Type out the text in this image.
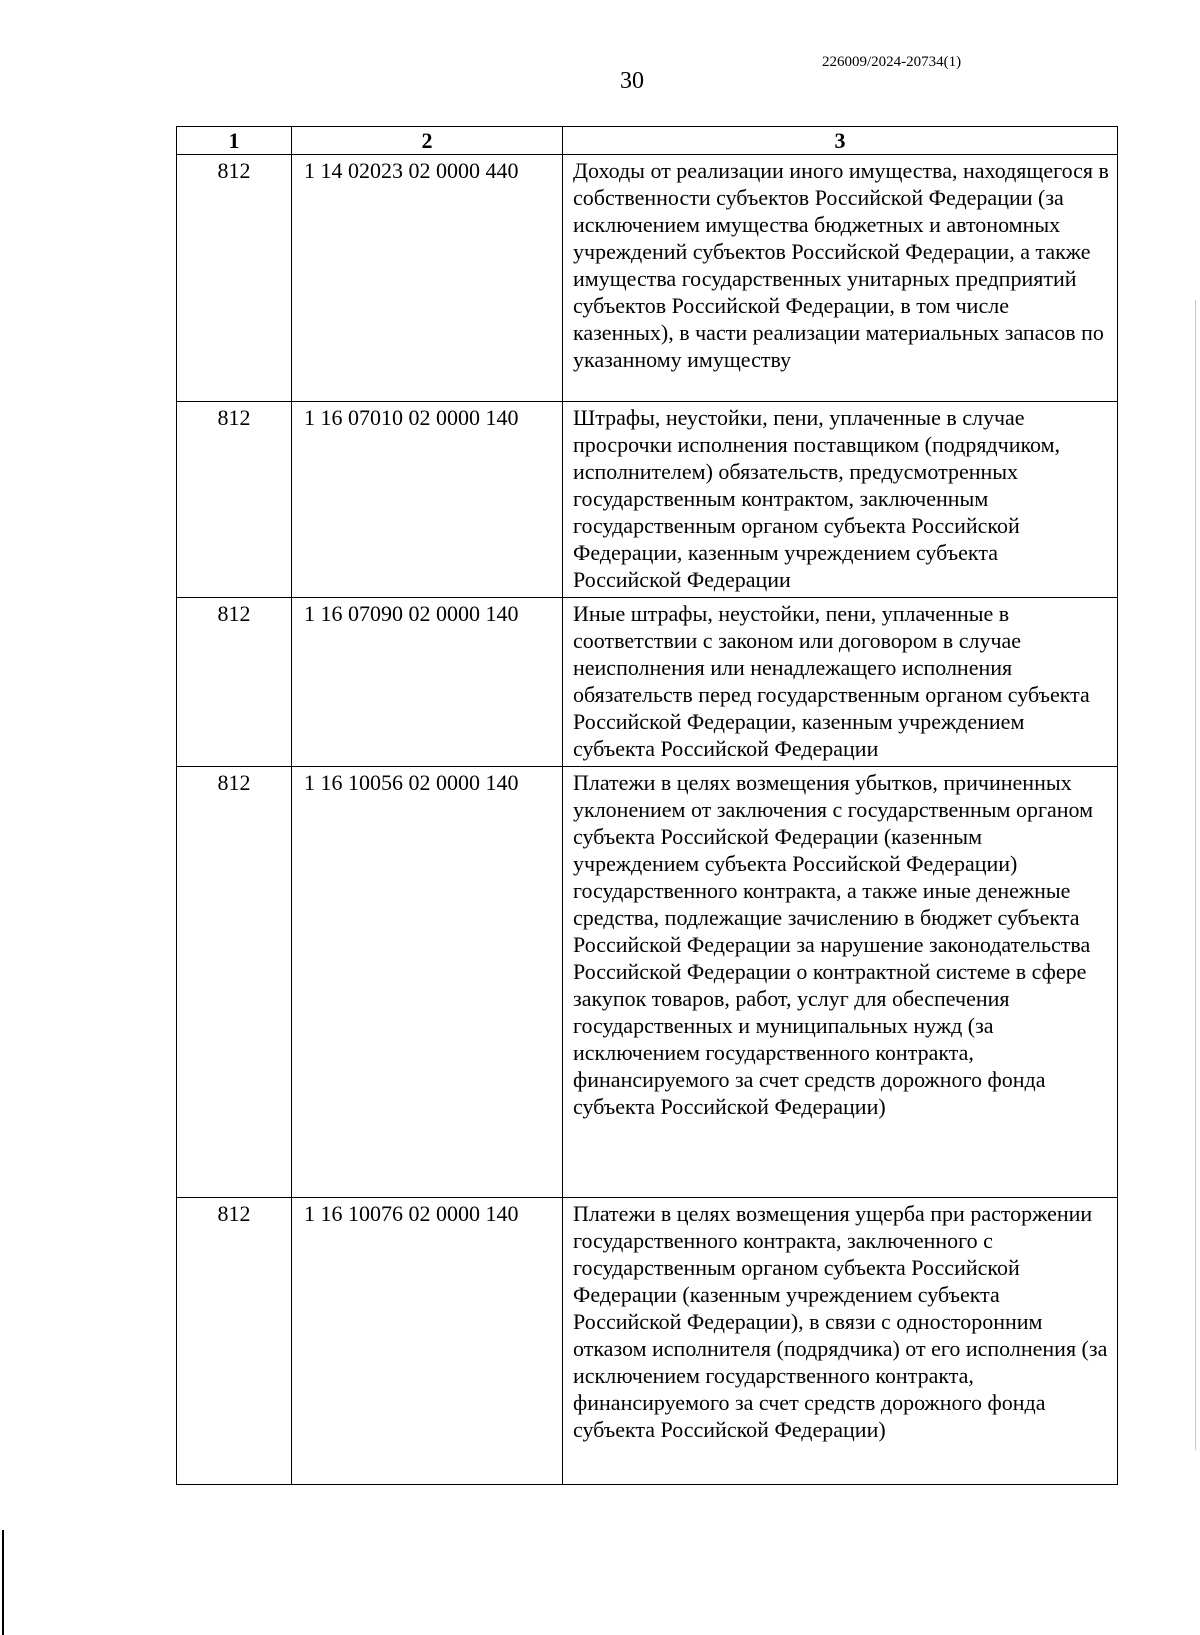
226009/2024-20734(1)
30
1	2	3
812	1 14 02023 02 0000 440	Доходы от реализации иного имущества, находящегося в собственности субъектов Российской Федерации (за исключением имущества бюджетных и автономных учреждений субъектов Российской Федерации, а также имущества государственных унитарных предприятий субъектов Российской Федерации, в том числе казенных), в части реализации материальных запасов по указанному имуществу
812	1 16 07010 02 0000 140	Штрафы, неустойки, пени, уплаченные в случае просрочки исполнения поставщиком (подрядчиком, исполнителем) обязательств, предусмотренных государственным контрактом, заключенным государственным органом субъекта Российской Федерации, казенным учреждением субъекта Российской Федерации
812	1 16 07090 02 0000 140	Иные штрафы, неустойки, пени, уплаченные в соответствии с законом или договором в случае неисполнения или ненадлежащего исполнения обязательств перед государственным органом субъекта Российской Федерации, казенным учреждением субъекта Российской Федерации
812	1 16 10056 02 0000 140	Платежи в целях возмещения убытков, причиненных уклонением от заключения с государственным органом субъекта Российской Федерации (казенным учреждением субъекта Российской Федерации) государственного контракта, а также иные денежные средства, подлежащие зачислению в бюджет субъекта Российской Федерации за нарушение законодательства Российской Федерации о контрактной системе в сфере закупок товаров, работ, услуг для обеспечения государственных и муниципальных нужд (за исключением государственного контракта, финансируемого за счет средств дорожного фонда субъекта Российской Федерации)
812	1 16 10076 02 0000 140	Платежи в целях возмещения ущерба при расторжении государственного контракта, заключенного с государственным органом субъекта Российской Федерации (казенным учреждением субъекта Российской Федерации), в связи с односторонним отказом исполнителя (подрядчика) от его исполнения (за исключением государственного контракта, финансируемого за счет средств дорожного фонда субъекта Российской Федерации)
